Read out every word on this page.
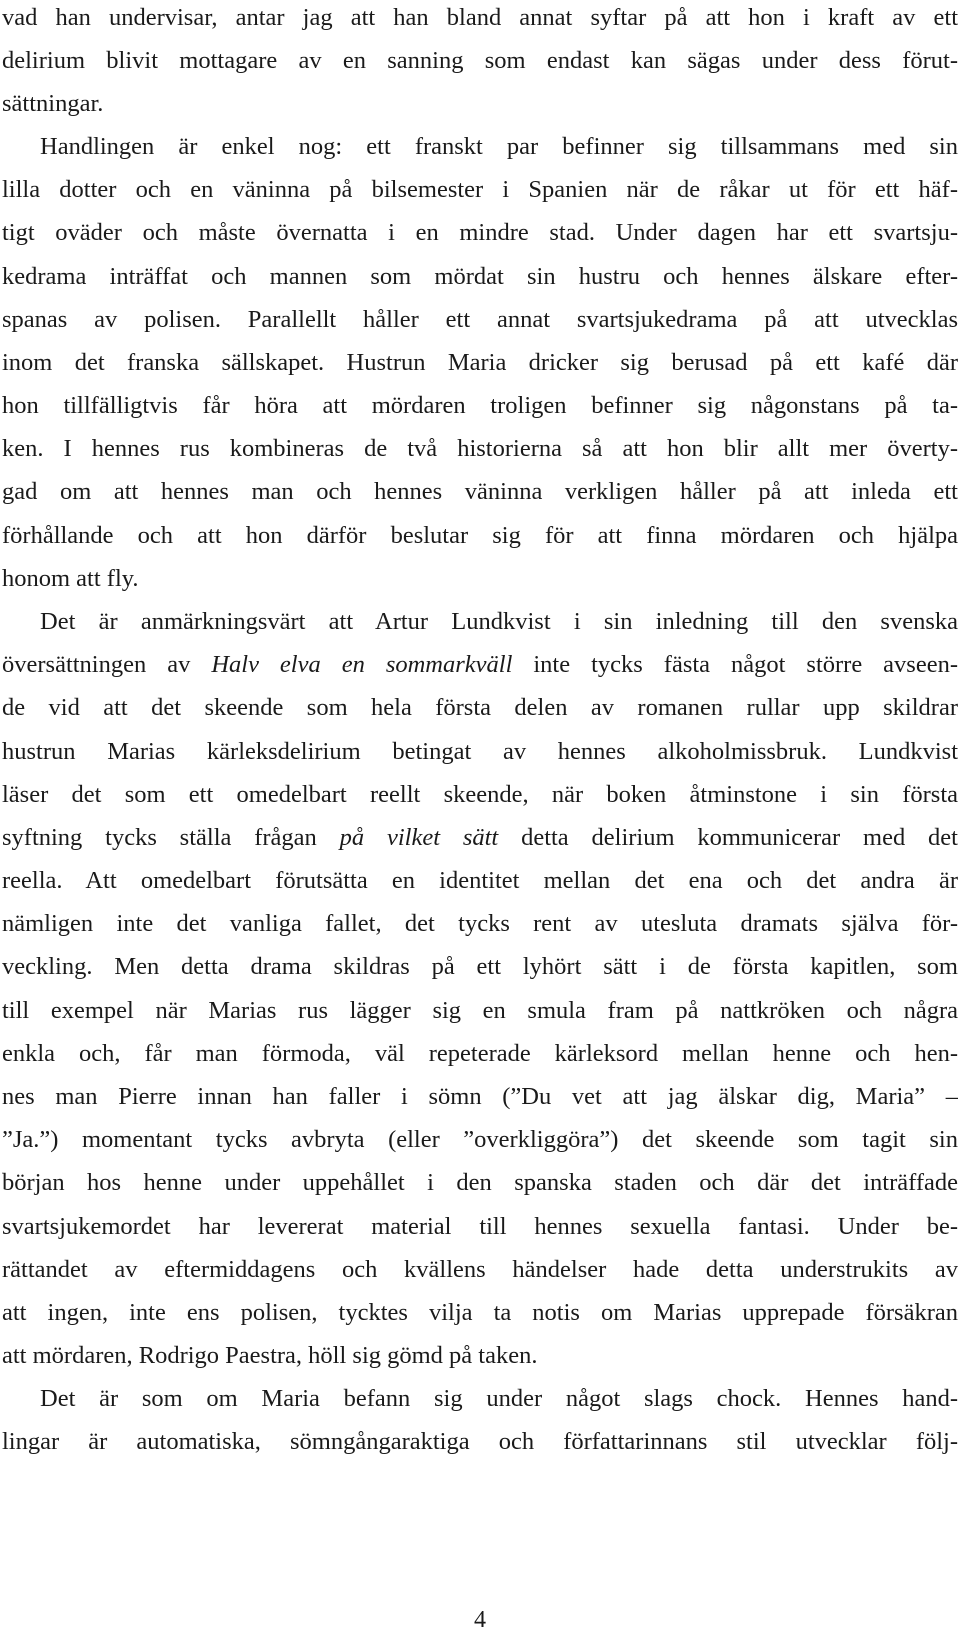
vad han undervisar, antar jag att han bland annat syftar på att hon i kraft av ett
delirium blivit mottagare av en sanning som endast kan sägas under dess förut-
sättningar.
Handlingen är enkel nog: ett franskt par befinner sig tillsammans med sin
lilla dotter och en väninna på bilsemester i Spanien när de råkar ut för ett häf-
tigt oväder och måste övernatta i en mindre stad. Under dagen har ett svartsju-
kedrama inträffat och mannen som mördat sin hustru och hennes älskare efter-
spanas av polisen. Parallellt håller ett annat svartsjukedrama på att utvecklas
inom det franska sällskapet. Hustrun Maria dricker sig berusad på ett kafé där
hon tillfälligtvis får höra att mördaren troligen befinner sig någonstans på ta-
ken. I hennes rus kombineras de två historierna så att hon blir allt mer överty-
gad om att hennes man och hennes väninna verkligen håller på att inleda ett
förhållande och att hon därför beslutar sig för att finna mördaren och hjälpa
honom att fly.
Det är anmärkningsvärt att Artur Lundkvist i sin inledning till den svenska
översättningen av Halv elva en sommarkväll inte tycks fästa något större avseen-
de vid att det skeende som hela första delen av romanen rullar upp skildrar
hustrun Marias kärleksdelirium betingat av hennes alkoholmissbruk. Lundkvist
läser det som ett omedelbart reellt skeende, när boken åtminstone i sin första
syftning tycks ställa frågan på vilket sätt detta delirium kommunicerar med det
reella. Att omedelbart förutsätta en identitet mellan det ena och det andra är
nämligen inte det vanliga fallet, det tycks rent av utesluta dramats själva för-
veckling. Men detta drama skildras på ett lyhört sätt i de första kapitlen, som
till exempel när Marias rus lägger sig en smula fram på nattkröken och några
enkla och, får man förmoda, väl repeterade kärleksord mellan henne och hen-
nes man Pierre innan han faller i sömn (”Du vet att jag älskar dig, Maria” –
”Ja.”) momentant tycks avbryta (eller ”overkliggöra”) det skeende som tagit sin
början hos henne under uppehållet i den spanska staden och där det inträffade
svartsjukemordet har levererat material till hennes sexuella fantasi. Under be-
rättandet av eftermiddagens och kvällens händelser hade detta understrukits av
att ingen, inte ens polisen, tycktes vilja ta notis om Marias upprepade försäkran
att mördaren, Rodrigo Paestra, höll sig gömd på taken.
Det är som om Maria befann sig under något slags chock. Hennes hand-
lingar är automatiska, sömngångaraktiga och författarinnans stil utvecklar följ-
4
